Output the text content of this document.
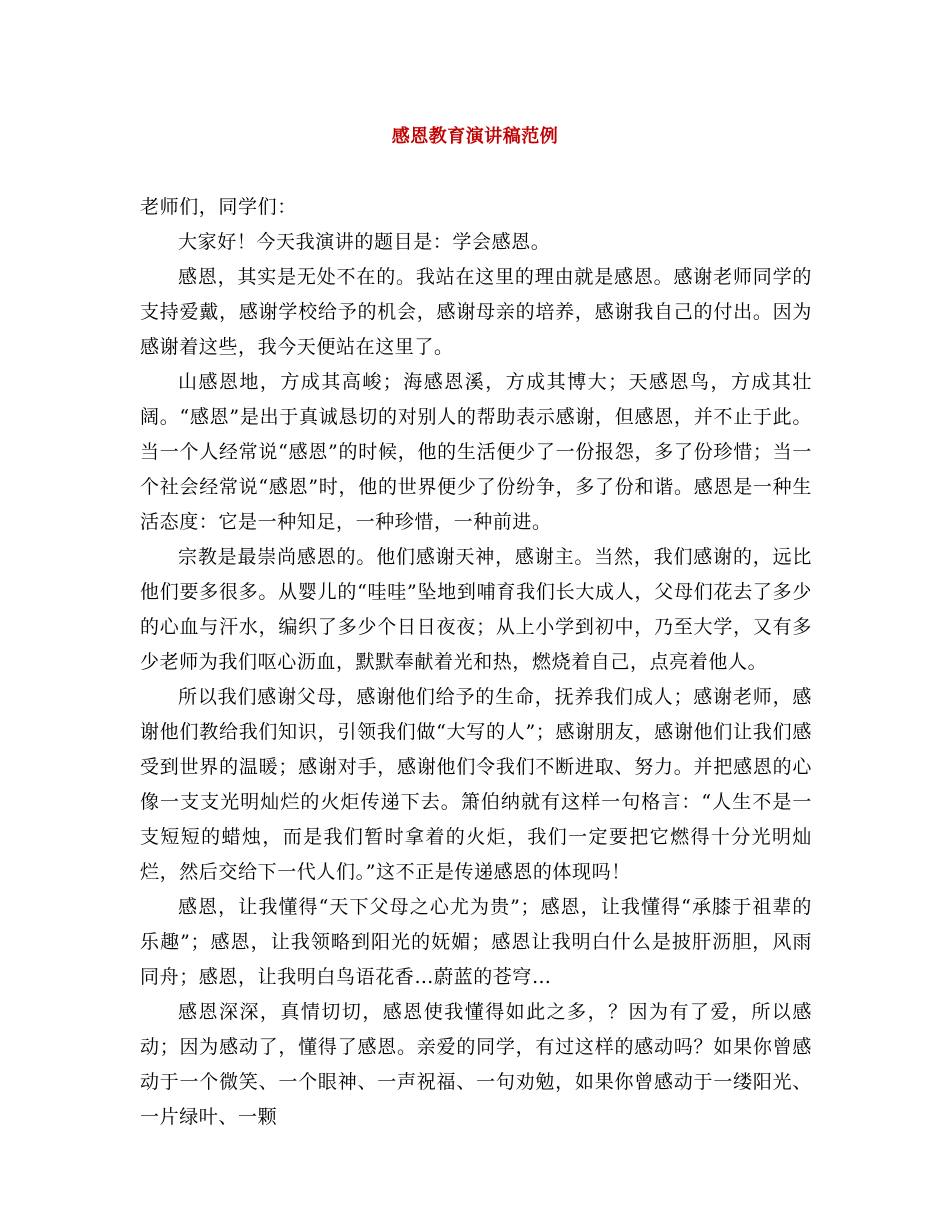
感恩教育演讲稿范例

老师们，同学们：

大家好！今天我演讲的题目是：学会感恩。

感恩，其实是无处不在的。我站在这里的理由就是感恩。感谢老师同学的支持爱戴，感谢学校给予的机会，感谢母亲的培养，感谢我自己的付出。因为感谢着这些，我今天便站在这里了。

山感恩地，方成其高峻；海感恩溪，方成其博大；天感恩鸟，方成其壮阔。“感恩”是出于真诚恳切的对别人的帮助表示感谢，但感恩，并不止于此。当一个人经常说“感恩”的时候，他的生活便少了一份报怨，多了份珍惜；当一个社会经常说“感恩”时，他的世界便少了份纷争，多了份和谐。感恩是一种生活态度：它是一种知足，一种珍惜，一种前进。

宗教是最崇尚感恩的。他们感谢天神，感谢主。当然，我们感谢的，远比他们要多很多。从婴儿的“哇哇”坠地到哺育我们长大成人，父母们花去了多少的心血与汗水，编织了多少个日日夜夜；从上小学到初中，乃至大学，又有多少老师为我们呕心沥血，默默奉献着光和热，燃烧着自己，点亮着他人。

所以我们感谢父母，感谢他们给予的生命，抚养我们成人；感谢老师，感谢他们教给我们知识，引领我们做“大写的人”；感谢朋友，感谢他们让我们感受到世界的温暖；感谢对手，感谢他们令我们不断进取、努力。并把感恩的心像一支支光明灿烂的火炬传递下去。箫伯纳就有这样一句格言：“人生不是一支短短的蜡烛，而是我们暂时拿着的火炬，我们一定要把它燃得十分光明灿烂，然后交给下一代人们。”这不正是传递感恩的体现吗！

感恩，让我懂得“天下父母之心尤为贵”；感恩，让我懂得“承膝于祖辈的乐趣”；感恩，让我领略到阳光的妩媚；感恩让我明白什么是披肝沥胆，风雨同舟；感恩，让我明白鸟语花香…蔚蓝的苍穹…

感恩深深，真情切切，感恩使我懂得如此之多，？因为有了爱，所以感动；因为感动了，懂得了感恩。亲爱的同学，有过这样的感动吗？如果你曾感动于一个微笑、一个眼神、一声祝福、一句劝勉，如果你曾感动于一缕阳光、一片绿叶、一颗
